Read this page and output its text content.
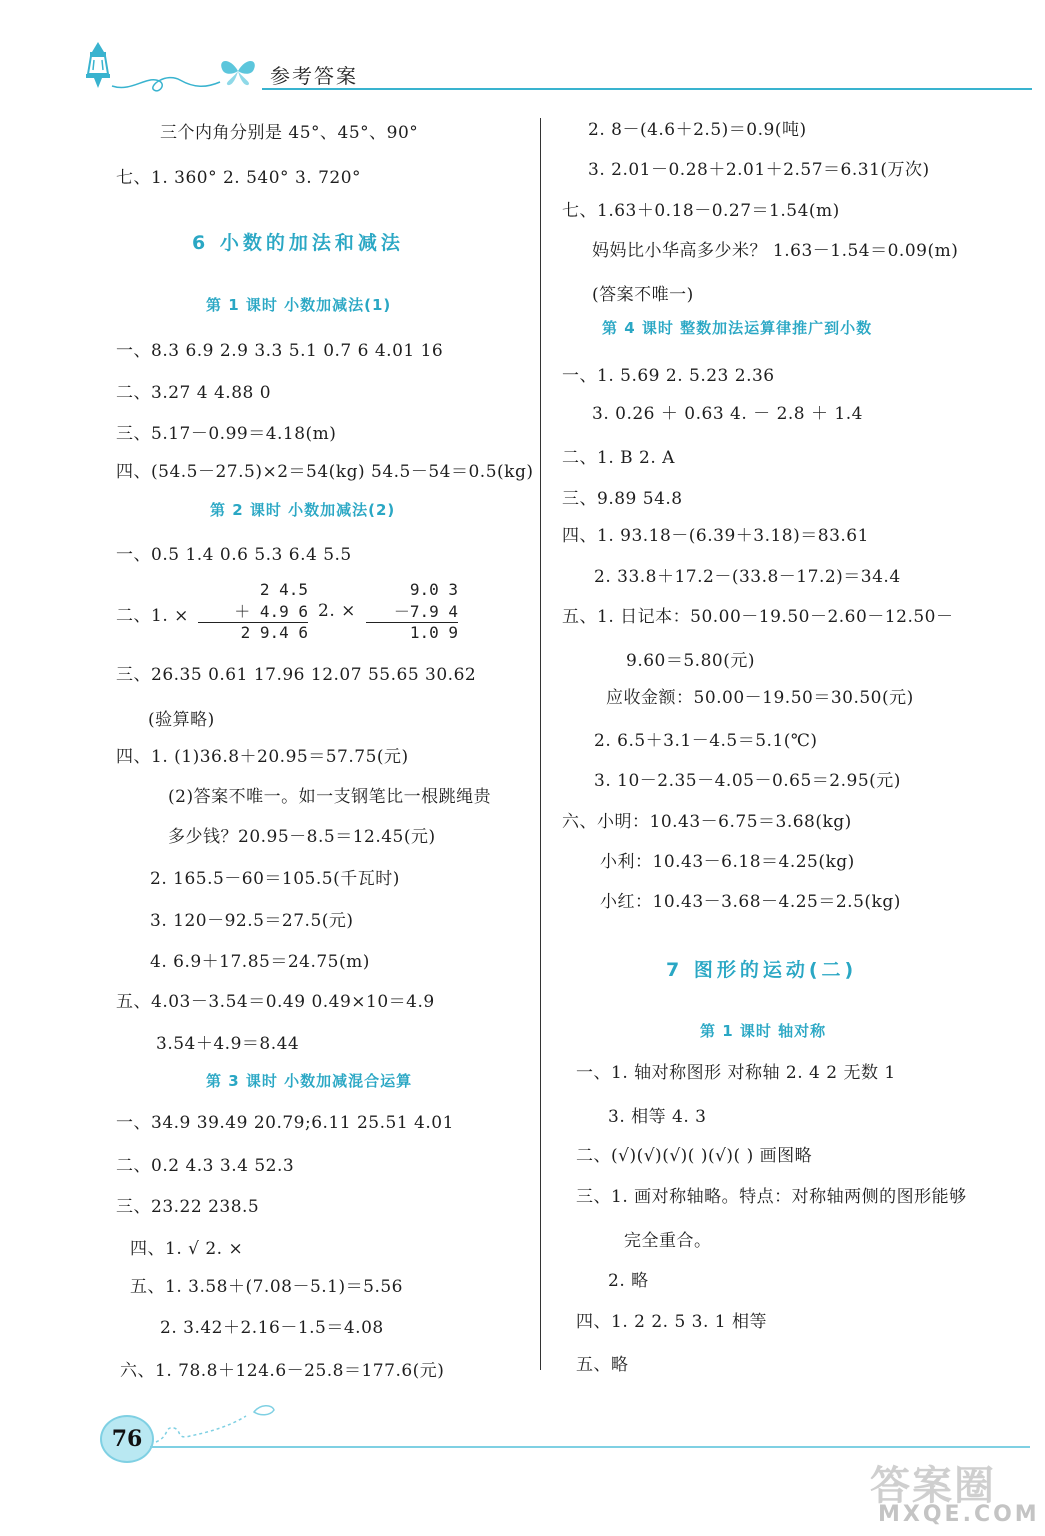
参考答案
三个内角分别是 45°、45°、90°
七、1. 360° 2. 540° 3. 720°
6 小数的加法和减法
第 1 课时 小数加减法(1)
一、8.3 6.9 2.9 3.3 5.1 0.7 6 4.01 16
二、3.27 4 4.88 0
三、5.17－0.99＝4.18(m)
四、(54.5－27.5)×2＝54(kg) 54.5－54＝0.5(kg)
第 2 课时 小数加减法(2)
一、0.5 1.4 0.6 5.3 6.4 5.5
二、1. ×
2 4.5
＋ 4.9 6
2 9.4 6
2. ×
9.0 3
－7.9 4
1.0 9
三、26.35 0.61 17.96 12.07 55.65 30.62
(验算略)
四、1. (1)36.8＋20.95＝57.75(元)
(2)答案不唯一。如一支钢笔比一根跳绳贵
多少钱？20.95－8.5＝12.45(元)
2. 165.5－60＝105.5(千瓦时)
3. 120－92.5＝27.5(元)
4. 6.9＋17.85＝24.75(m)
五、4.03－3.54＝0.49 0.49×10＝4.9
3.54＋4.9＝8.44
第 3 课时 小数加减混合运算
一、34.9 39.49 20.79;6.11 25.51 4.01
二、0.2 4.3 3.4 52.3
三、23.22 238.5
四、1. √ 2. ×
五、1. 3.58＋(7.08－5.1)＝5.56
2. 3.42＋2.16－1.5＝4.08
六、1. 78.8＋124.6－25.8＝177.6(元)
2. 8－(4.6＋2.5)＝0.9(吨)
3. 2.01－0.28＋2.01＋2.57＝6.31(万次)
七、1.63＋0.18－0.27＝1.54(m)
妈妈比小华高多少米？ 1.63－1.54＝0.09(m)
(答案不唯一)
第 4 课时 整数加法运算律推广到小数
一、1. 5.69 2. 5.23 2.36
3. 0.26 ＋ 0.63 4. － 2.8 ＋ 1.4
二、1. B 2. A
三、9.89 54.8
四、1. 93.18－(6.39＋3.18)＝83.61
2. 33.8＋17.2－(33.8－17.2)＝34.4
五、1. 日记本：50.00－19.50－2.60－12.50－
9.60＝5.80(元)
应收金额：50.00－19.50＝30.50(元)
2. 6.5＋3.1－4.5＝5.1(℃)
3. 10－2.35－4.05－0.65＝2.95(元)
六、小明：10.43－6.75＝3.68(kg)
小利：10.43－6.18＝4.25(kg)
小红：10.43－3.68－4.25＝2.5(kg)
7 图形的运动(二)
第 1 课时 轴对称
一、1. 轴对称图形 对称轴 2. 4 2 无数 1
3. 相等 4. 3
二、(√)(√)(√)( )(√)( ) 画图略
三、1. 画对称轴略。特点：对称轴两侧的图形能够
完全重合。
2. 略
四、1. 2 2. 5 3. 1 相等
五、略
76
答案圈
MXQE.COM
